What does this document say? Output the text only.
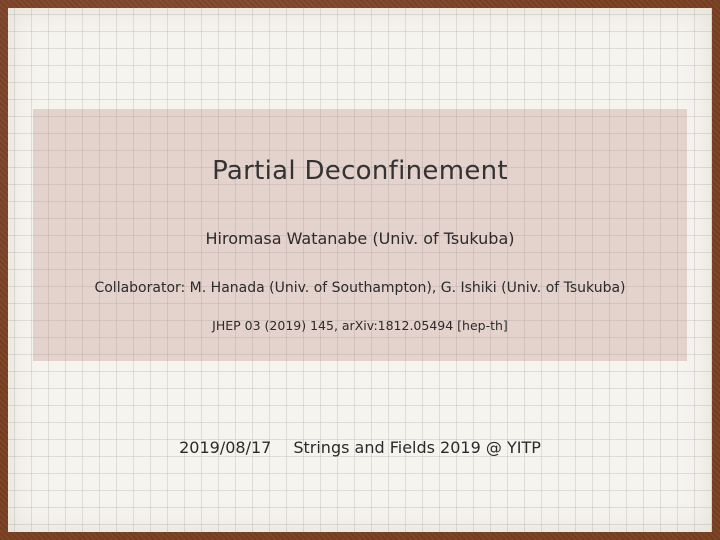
Partial Deconfinement
Hiromasa Watanabe (Univ. of Tsukuba)
Collaborator: M. Hanada (Univ. of Southampton), G. Ishiki (Univ. of Tsukuba)
JHEP 03 (2019) 145, arXiv:1812.05494 [hep-th]
2019/08/17 Strings and Fields 2019 @ YITP
